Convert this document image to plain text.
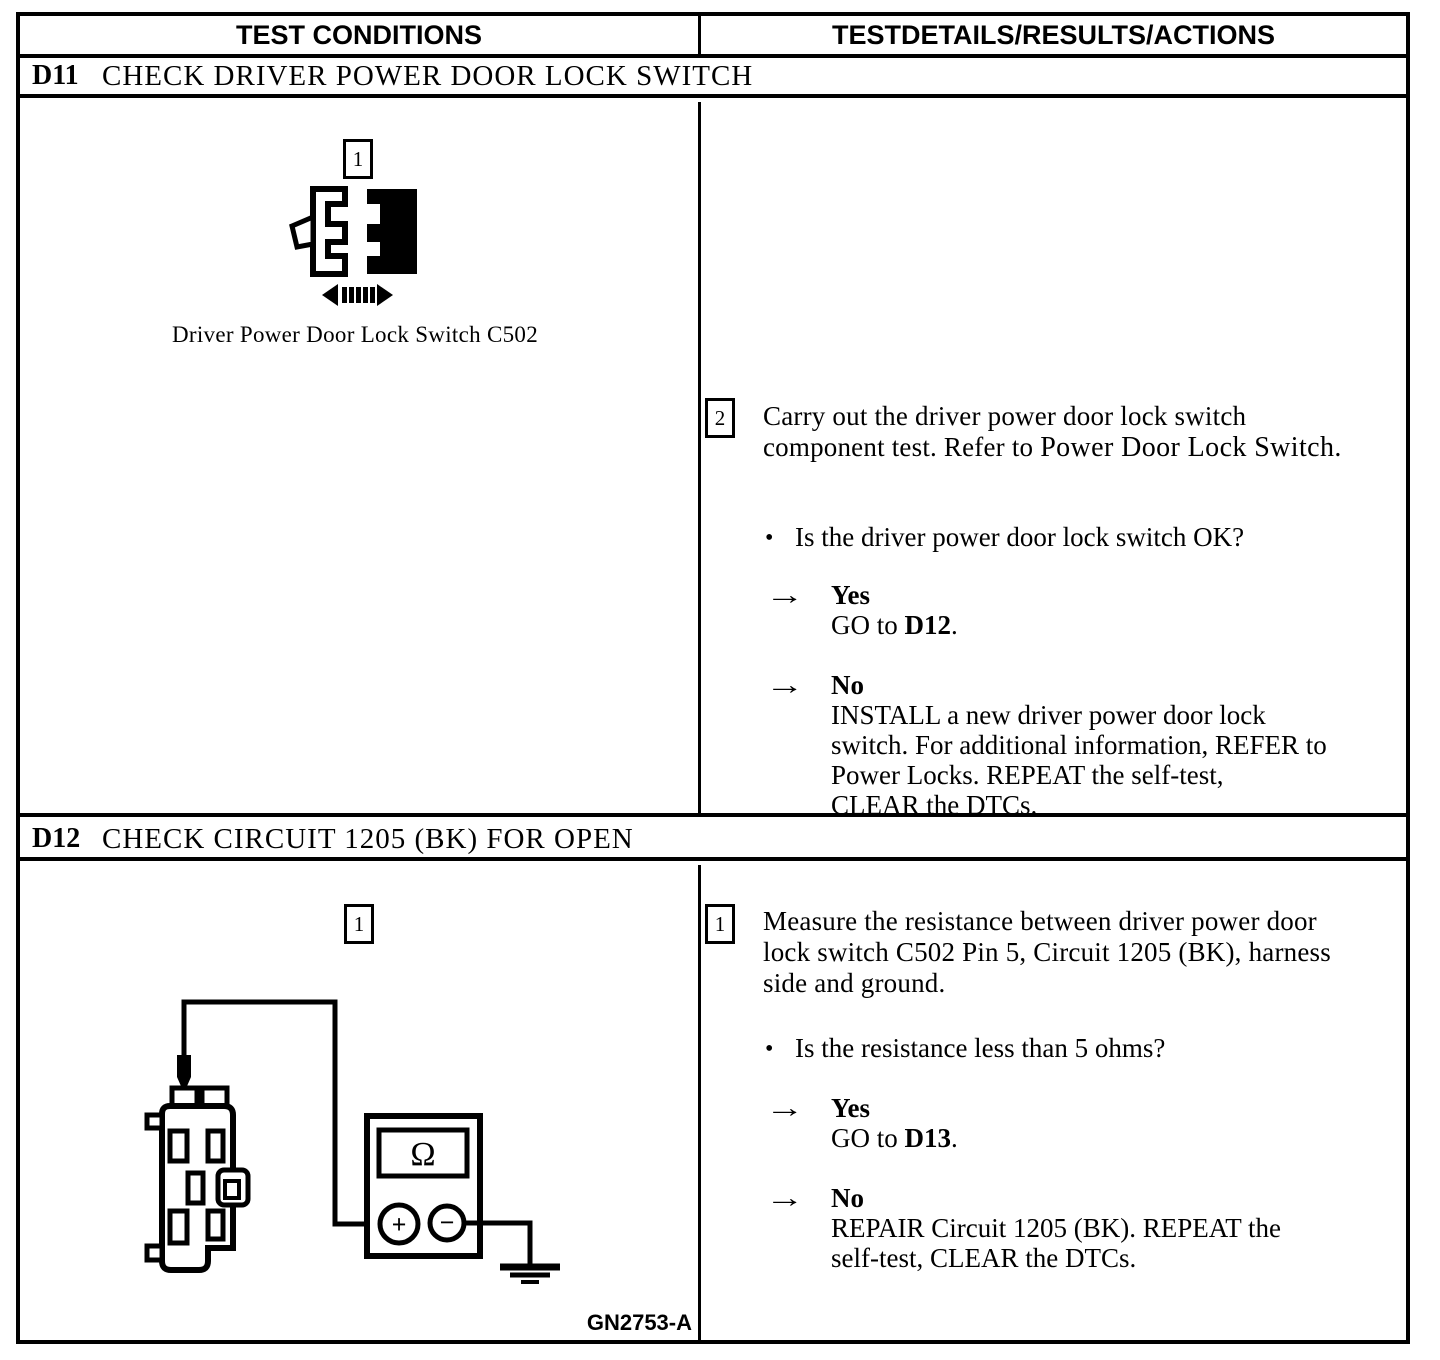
TEST CONDITIONS	TESTDETAILS/RESULTS/ACTIONS
D11 CHECK DRIVER POWER DOOR LOCK SWITCH
1
Driver Power Door Lock Switch C502
2 Carry out the driver power door lock switch
component test. Refer to Power Door Lock Switch.
• Is the driver power door lock switch OK?
→ Yes
GO to D12.
→ No
INSTALL a new driver power door lock
switch. For additional information, REFER to
Power Locks. REPEAT the self-test,
CLEAR the DTCs.
D12 CHECK CIRCUIT 1205 (BK) FOR OPEN
1
Ω
+ −
GN2753-A
1 Measure the resistance between driver power door
lock switch C502 Pin 5, Circuit 1205 (BK), harness
side and ground.
• Is the resistance less than 5 ohms?
→ Yes
GO to D13.
→ No
REPAIR Circuit 1205 (BK). REPEAT the
self-test, CLEAR the DTCs.
